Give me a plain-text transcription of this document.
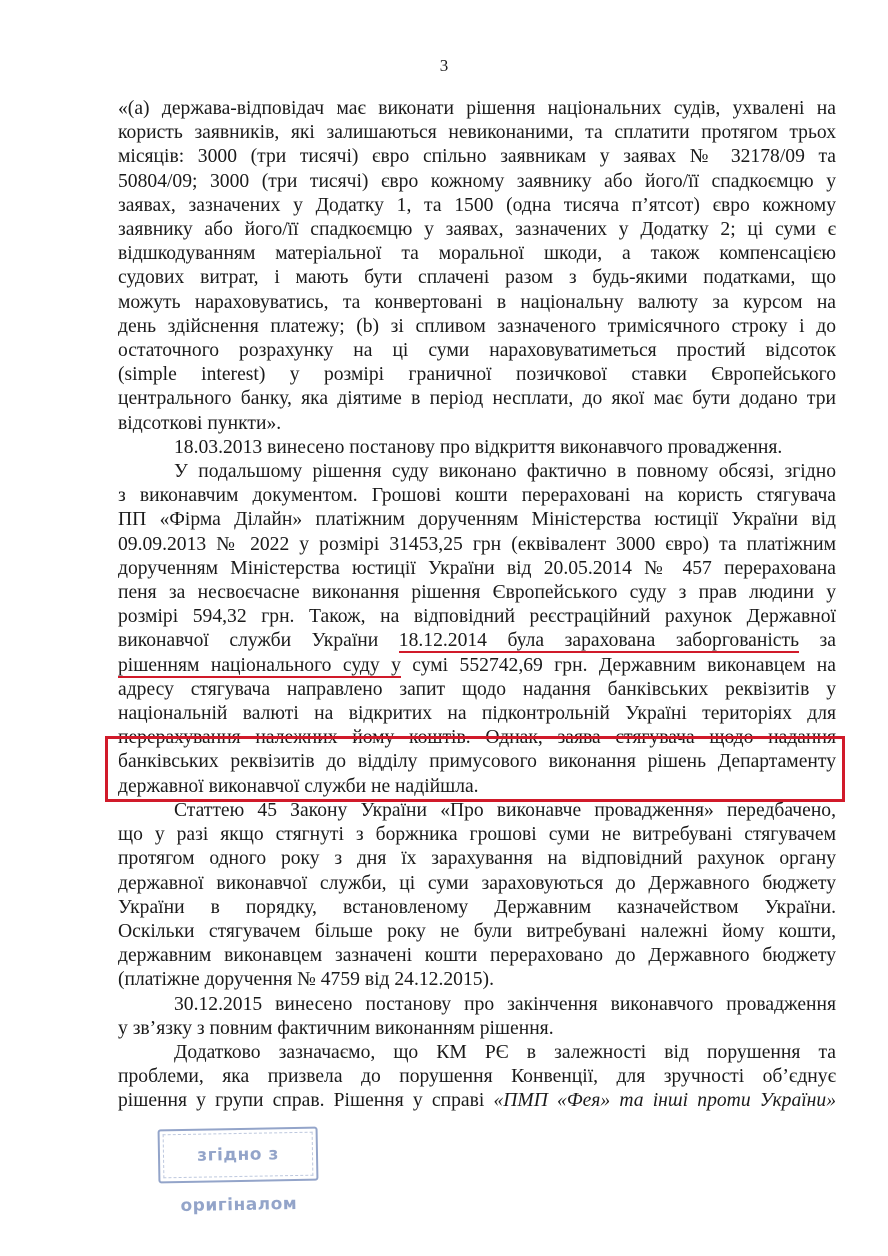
3
«(а) держава-відповідач має виконати рішення національних судів, ухвалені на
користь заявників, які залишаються невиконаними, та сплатити протягом трьох
місяців: 3000 (три тисячі) євро спільно заявникам у заявах № 32178/09 та
50804/09; 3000 (три тисячі) євро кожному заявнику або його/її спадкоємцю у
заявах, зазначених у Додатку 1, та 1500 (одна тисяча п’ятсот) євро кожному
заявнику або його/її спадкоємцю у заявах, зазначених у Додатку 2; ці суми є
відшкодуванням матеріальної та моральної шкоди, а також компенсацією
судових витрат, і мають бути сплачені разом з будь-якими податками, що
можуть нараховуватись, та конвертовані в національну валюту за курсом на
день здійснення платежу; (b) зі спливом зазначеного тримісячного строку і до
остаточного розрахунку на ці суми нараховуватиметься простий відсоток
(simple interest) у розмірі граничної позичкової ставки Європейського
центрального банку, яка діятиме в період несплати, до якої має бути додано три
відсоткові пункти».
18.03.2013 винесено постанову про відкриття виконавчого провадження.
У подальшому рішення суду виконано фактично в повному обсязі, згідно
з виконавчим документом. Грошові кошти перераховані на користь стягувача
ПП «Фірма Ділайн» платіжним дорученням Міністерства юстиції України від
09.09.2013 № 2022 у розмірі 31453,25 грн (еквівалент 3000 євро) та платіжним
дорученням Міністерства юстиції України від 20.05.2014 № 457 перерахована
пеня за несвоєчасне виконання рішення Європейського суду з прав людини у
розмірі 594,32 грн. Також, на відповідний реєстраційний рахунок Державної
виконавчої служби України 18.12.2014 була зарахована заборгованість за
рішенням національного суду у сумі 552742,69 грн. Державним виконавцем на
адресу стягувача направлено запит щодо надання банківських реквізитів у
національній валюті на відкритих на підконтрольній Україні територіях для
перерахування належних йому коштів. Однак, заява стягувача щодо надання
банківських реквізитів до відділу примусового виконання рішень Департаменту
державної виконавчої служби не надійшла.
Статтею 45 Закону України «Про виконавче провадження» передбачено,
що у разі якщо стягнуті з боржника грошові суми не витребувані стягувачем
протягом одного року з дня їх зарахування на відповідний рахунок органу
державної виконавчої служби, ці суми зараховуються до Державного бюджету
України в порядку, встановленому Державним казначейством України.
Оскільки стягувачем більше року не були витребувані належні йому кошти,
державним виконавцем зазначені кошти перераховано до Державного бюджету
(платіжне доручення № 4759 від 24.12.2015).
30.12.2015 винесено постанову про закінчення виконавчого провадження
у зв’язку з повним фактичним виконанням рішення.
Додатково зазначаємо, що КМ РЄ в залежності від порушення та
проблеми, яка призвела до порушення Конвенції, для зручності об’єднує
рішення у групи справ. Рішення у справі «ПМП «Фея» та інші проти України»
згідно з оригіналом
